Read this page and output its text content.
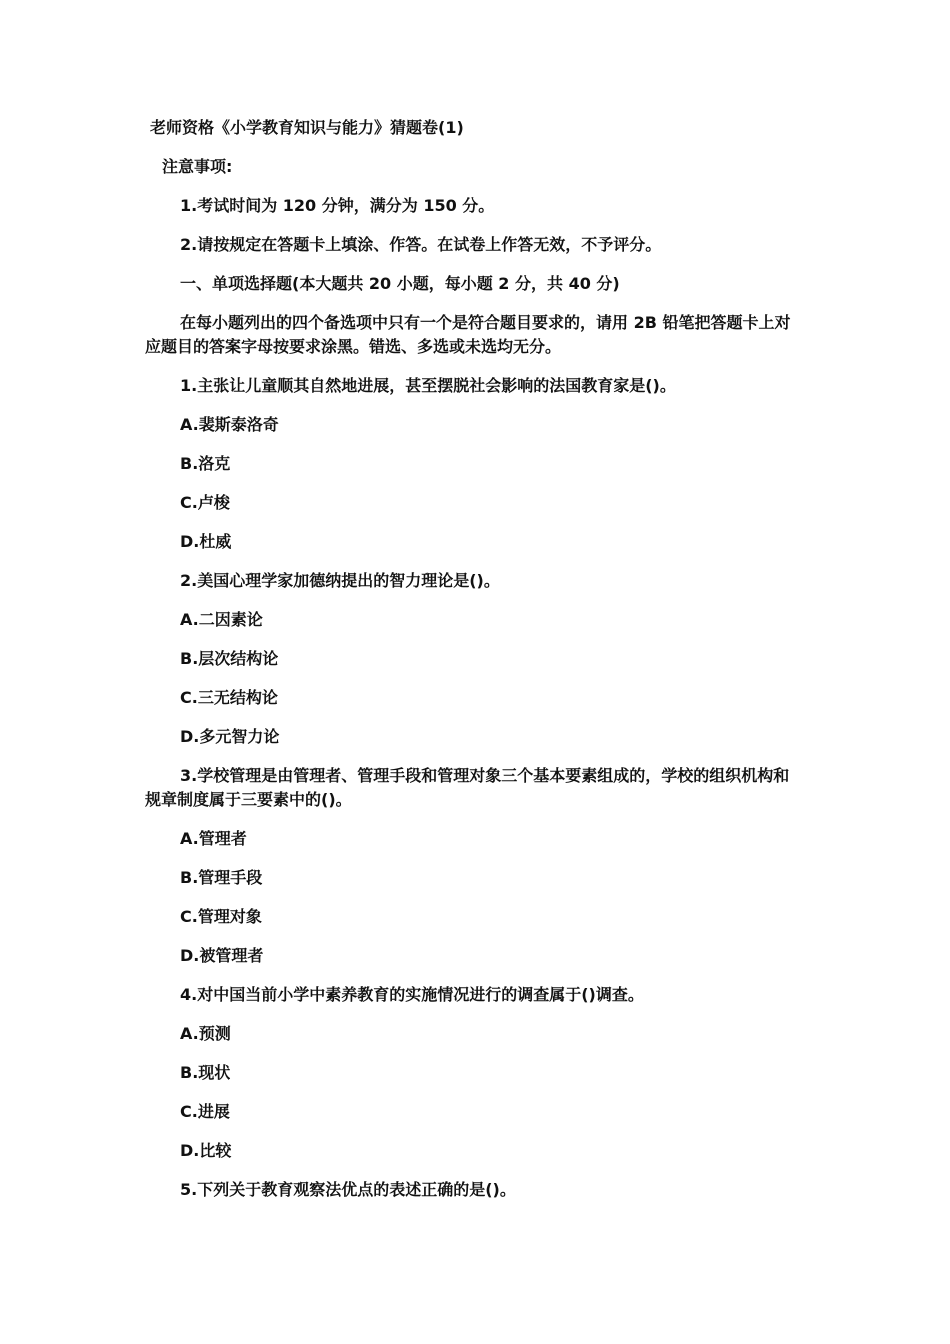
老师资格《小学教育知识与能力》猜题卷(1)

注意事项:

1.考试时间为 120 分钟，满分为 150 分。

2.请按规定在答题卡上填涂、作答。在试卷上作答无效，不予评分。

一、单项选择题(本大题共 20 小题，每小题 2 分，共 40 分)

在每小题列出的四个备选项中只有一个是符合题目要求的，请用 2B 铅笔把答题卡上对应题目的答案字母按要求涂黑。错选、多选或未选均无分。

1.主张让儿童顺其自然地进展，甚至摆脱社会影响的法国教育家是()。

A.裴斯泰洛奇

B.洛克

C.卢梭

D.杜威

2.美国心理学家加德纳提出的智力理论是()。

A.二因素论

B.层次结构论

C.三无结构论

D.多元智力论

3.学校管理是由管理者、管理手段和管理对象三个基本要素组成的，学校的组织机构和规章制度属于三要素中的()。

A.管理者

B.管理手段

C.管理对象

D.被管理者

4.对中国当前小学中素养教育的实施情况进行的调查属于()调查。

A.预测

B.现状

C.进展

D.比较

5.下列关于教育观察法优点的表述正确的是()。
